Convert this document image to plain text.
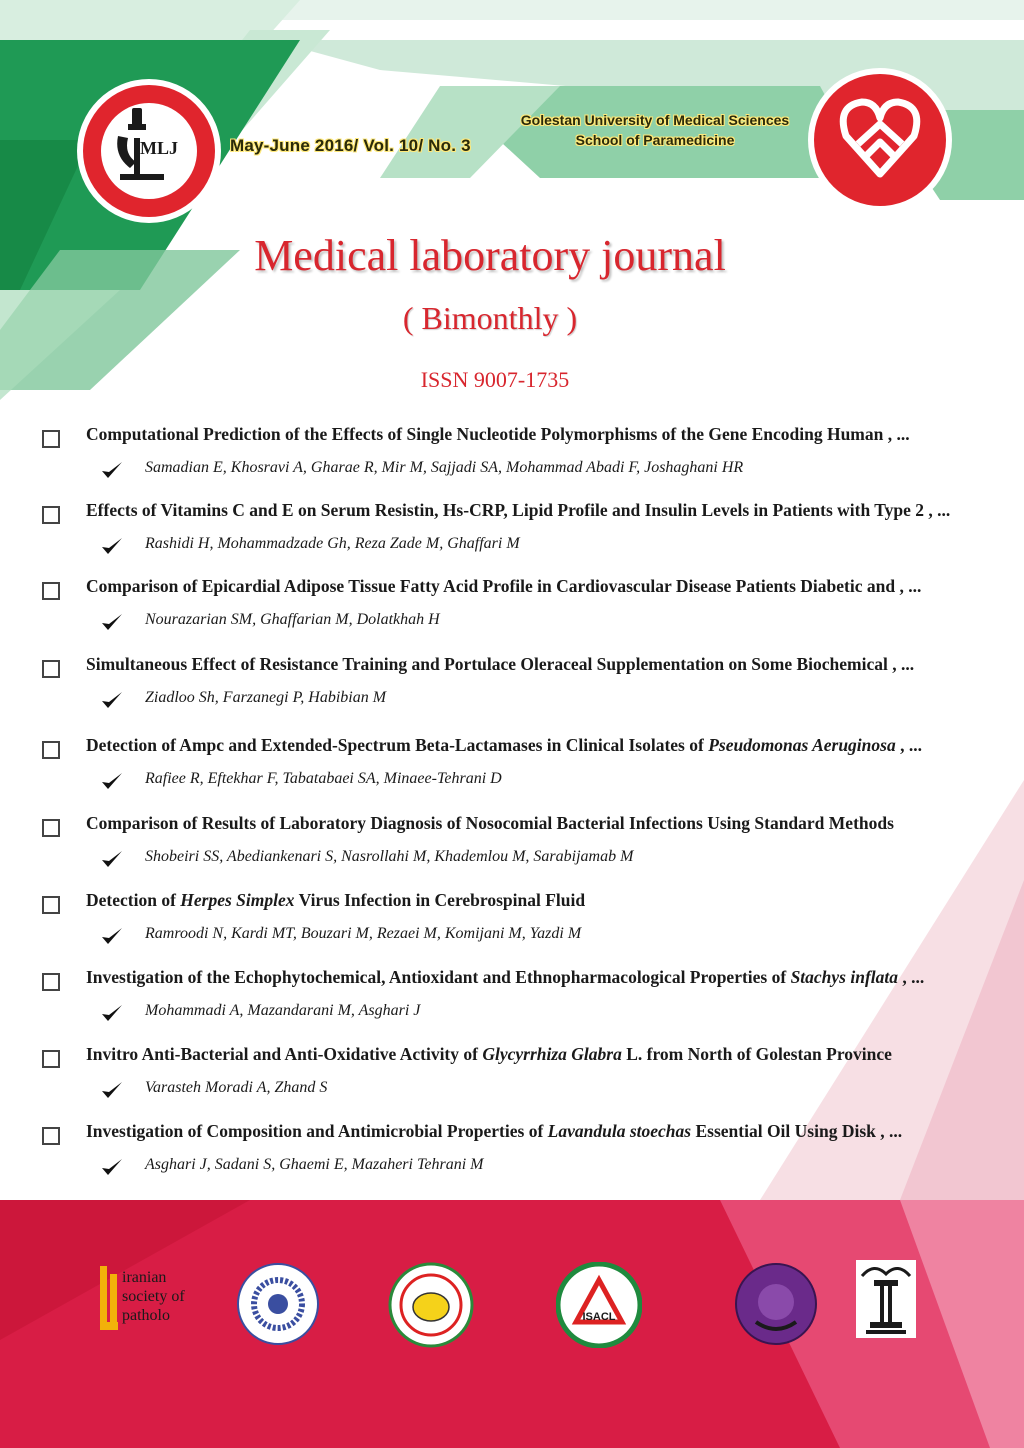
MLJ	May-June 2016/ Vol. 10/ No. 3
Golestan University of Medical Sciences
School of Paramedicine
Medical laboratory journal
( Bimonthly )
ISSN 9007-1735
Computational Prediction of the Effects of Single Nucleotide Polymorphisms of the Gene Encoding Human , ...
Samadian E, Khosravi A, Gharae R, Mir M, Sajjadi SA, Mohammad Abadi F, Joshaghani HR
Effects of Vitamins C and E on Serum Resistin, Hs-CRP, Lipid Profile and Insulin Levels in Patients with Type 2 , ...
Rashidi H, Mohammadzade Gh, Reza Zade M, Ghaffari M
Comparison of Epicardial Adipose Tissue Fatty Acid Profile in Cardiovascular Disease Patients Diabetic and , ...
Nourazarian SM, Ghaffarian M, Dolatkhah H
Simultaneous Effect of Resistance Training and Portulace Oleraceal Supplementation on Some Biochemical , ...
Ziadloo Sh, Farzanegi P, Habibian M
Detection of Ampc and Extended-Spectrum Beta-Lactamases in Clinical Isolates of Pseudomonas Aeruginosa , ...
Rafiee R, Eftekhar F, Tabatabaei SA, Minaee-Tehrani D
Comparison of Results of Laboratory Diagnosis of Nosocomial Bacterial Infections Using Standard Methods
Shobeiri SS, Abediankenari S, Nasrollahi M, Khademlou M, Sarabijamab M
Detection of Herpes Simplex Virus Infection in Cerebrospinal Fluid
Ramroodi N, Kardi MT, Bouzari M, Rezaei M, Komijani M, Yazdi M
Investigation of the Echophytochemical, Antioxidant and Ethnopharmacological Properties of Stachys inflata , ...
Mohammadi A, Mazandarani M, Asghari J
Invitro Anti-Bacterial and Anti-Oxidative Activity of Glycyrrhiza Glabra L. from North of Golestan Province
Varasteh Moradi A, Zhand S
Investigation of Composition and Antimicrobial Properties of Lavandula stoechas Essential Oil Using Disk , ...
Asghari J, Sadani S, Ghaemi E, Mazaheri Tehrani M
iranian
society of
patholo	ISACL
